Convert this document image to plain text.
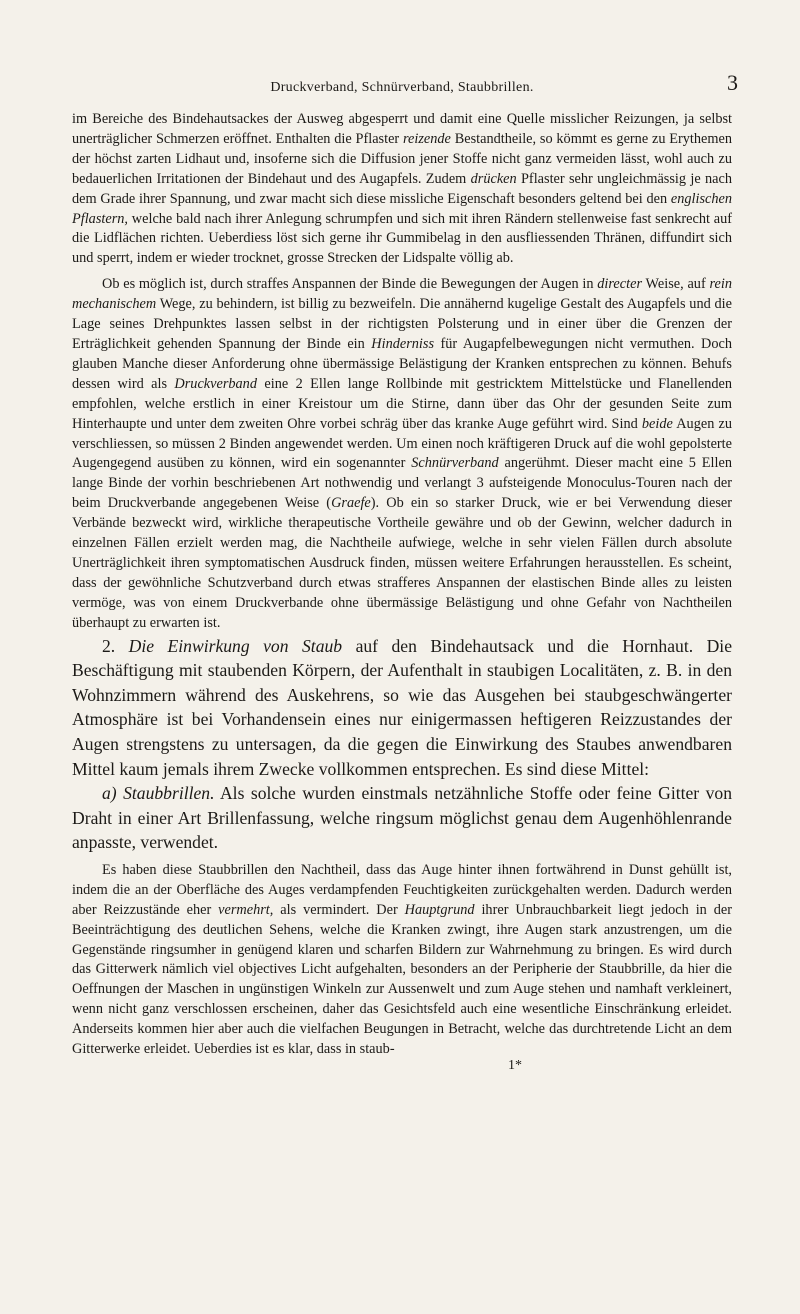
Druckverband, Schnürverband, Staubbrillen.	3

im Bereiche des Bindehautsackes der Ausweg abgesperrt und damit eine Quelle misslicher Reizungen, ja selbst unerträglicher Schmerzen eröffnet. Enthalten die Pflaster reizende Bestandtheile, so kömmt es gerne zu Erythemen der höchst zarten Lidhaut und, insoferne sich die Diffusion jener Stoffe nicht ganz vermeiden lässt, wohl auch zu bedauerlichen Irritationen der Bindehaut und des Augapfels. Zudem drücken Pflaster sehr ungleichmässig je nach dem Grade ihrer Spannung, und zwar macht sich diese missliche Eigenschaft besonders geltend bei den englischen Pflastern, welche bald nach ihrer Anlegung schrumpfen und sich mit ihren Rändern stellenweise fast senkrecht auf die Lidflächen richten. Ueberdiess löst sich gerne ihr Gummibelag in den ausfliessenden Thränen, diffundirt sich und sperrt, indem er wieder trocknet, grosse Strecken der Lidspalte völlig ab.

Ob es möglich ist, durch straffes Anspannen der Binde die Bewegungen der Augen in directer Weise, auf rein mechanischem Wege, zu behindern, ist billig zu bezweifeln. Die annähernd kugelige Gestalt des Augapfels und die Lage seines Drehpunktes lassen selbst in der richtigsten Polsterung und in einer über die Grenzen der Erträglichkeit gehenden Spannung der Binde ein Hinderniss für Augapfelbewegungen nicht vermuthen. Doch glauben Manche dieser Anforderung ohne übermässige Belästigung der Kranken entsprechen zu können. Behufs dessen wird als Druckverband eine 2 Ellen lange Rollbinde mit gestricktem Mittelstücke und Flanellenden empfohlen, welche erstlich in einer Kreistour um die Stirne, dann über das Ohr der gesunden Seite zum Hinterhaupte und unter dem zweiten Ohre vorbei schräg über das kranke Auge geführt wird. Sind beide Augen zu verschliessen, so müssen 2 Binden angewendet werden. Um einen noch kräftigeren Druck auf die wohl gepolsterte Augengegend ausüben zu können, wird ein sogenannter Schnürverband angerühmt. Dieser macht eine 5 Ellen lange Binde der vorhin beschriebenen Art nothwendig und verlangt 3 aufsteigende Monoculus-Touren nach der beim Druckverbande angegebenen Weise (Graefe). Ob ein so starker Druck, wie er bei Verwendung dieser Verbände bezweckt wird, wirkliche therapeutische Vortheile gewähre und ob der Gewinn, welcher dadurch in einzelnen Fällen erzielt werden mag, die Nachtheile aufwiege, welche in sehr vielen Fällen durch absolute Unerträglichkeit ihren symptomatischen Ausdruck finden, müssen weitere Erfahrungen herausstellen. Es scheint, dass der gewöhnliche Schutzverband durch etwas strafferes Anspannen der elastischen Binde alles zu leisten vermöge, was von einem Druckverbande ohne übermässige Belästigung und ohne Gefahr von Nachtheilen überhaupt zu erwarten ist.

2. Die Einwirkung von Staub auf den Bindehautsack und die Hornhaut. Die Beschäftigung mit staubenden Körpern, der Aufenthalt in staubigen Localitäten, z. B. in den Wohnzimmern während des Auskehrens, so wie das Ausgehen bei staubgeschwängerter Atmosphäre ist bei Vorhandensein eines nur einigermassen heftigeren Reizzustandes der Augen strengstens zu untersagen, da die gegen die Einwirkung des Staubes anwendbaren Mittel kaum jemals ihrem Zwecke vollkommen entsprechen. Es sind diese Mittel:

a) Staubbrillen. Als solche wurden einstmals netzähnliche Stoffe oder feine Gitter von Draht in einer Art Brillenfassung, welche ringsum möglichst genau dem Augenhöhlenrande anpasste, verwendet.

Es haben diese Staubbrillen den Nachtheil, dass das Auge hinter ihnen fortwährend in Dunst gehüllt ist, indem die an der Oberfläche des Auges verdampfenden Feuchtigkeiten zurückgehalten werden. Dadurch werden aber Reizzustände eher vermehrt, als vermindert. Der Hauptgrund ihrer Unbrauchbarkeit liegt jedoch in der Beeinträchtigung des deutlichen Sehens, welche die Kranken zwingt, ihre Augen stark anzustrengen, um die Gegenstände ringsumher in genügend klaren und scharfen Bildern zur Wahrnehmung zu bringen. Es wird durch das Gitterwerk nämlich viel objectives Licht aufgehalten, besonders an der Peripherie der Staubbrille, da hier die Oeffnungen der Maschen in ungünstigen Winkeln zur Aussenwelt und zum Auge stehen und namhaft verkleinert, wenn nicht ganz verschlossen erscheinen, daher das Gesichtsfeld auch eine wesentliche Einschränkung erleidet. Anderseits kommen hier aber auch die vielfachen Beugungen in Betracht, welche das durchtretende Licht an dem Gitterwerke erleidet. Ueberdies ist es klar, dass in staub-

1*
